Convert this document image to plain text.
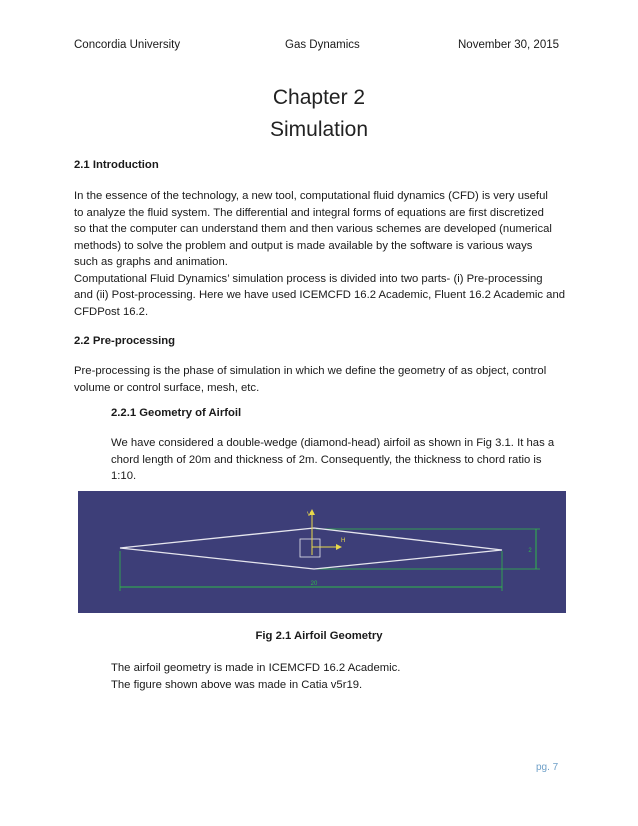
Concordia University	Gas Dynamics	November 30, 2015
Chapter 2
Simulation
2.1 Introduction
In the essence of the technology, a new tool, computational fluid dynamics (CFD) is very useful
to analyze the fluid system. The differential and integral forms of equations are first discretized
so that the computer can understand them and then various schemes are developed (numerical
methods) to solve the problem and output is made available by the software is various ways
such as graphs and animation.
Computational Fluid Dynamics’ simulation process is divided into two parts- (i) Pre-processing
and (ii) Post-processing. Here we have used ICEMCFD 16.2 Academic, Fluent 16.2 Academic and
CFDPost 16.2.
2.2 Pre-processing
Pre-processing is the phase of simulation in which we define the geometry of as object, control
volume or control surface, mesh, etc.
2.2.1 Geometry of Airfoil
We have considered a double-wedge (diamond-head) airfoil as shown in Fig 3.1. It has a
chord length of 20m and thickness of 2m. Consequently, the thickness to chord ratio is
1:10.
20
2
V
H
Fig 2.1 Airfoil Geometry
The airfoil geometry is made in ICEMCFD 16.2 Academic.
The figure shown above was made in Catia v5r19.
pg. 7
